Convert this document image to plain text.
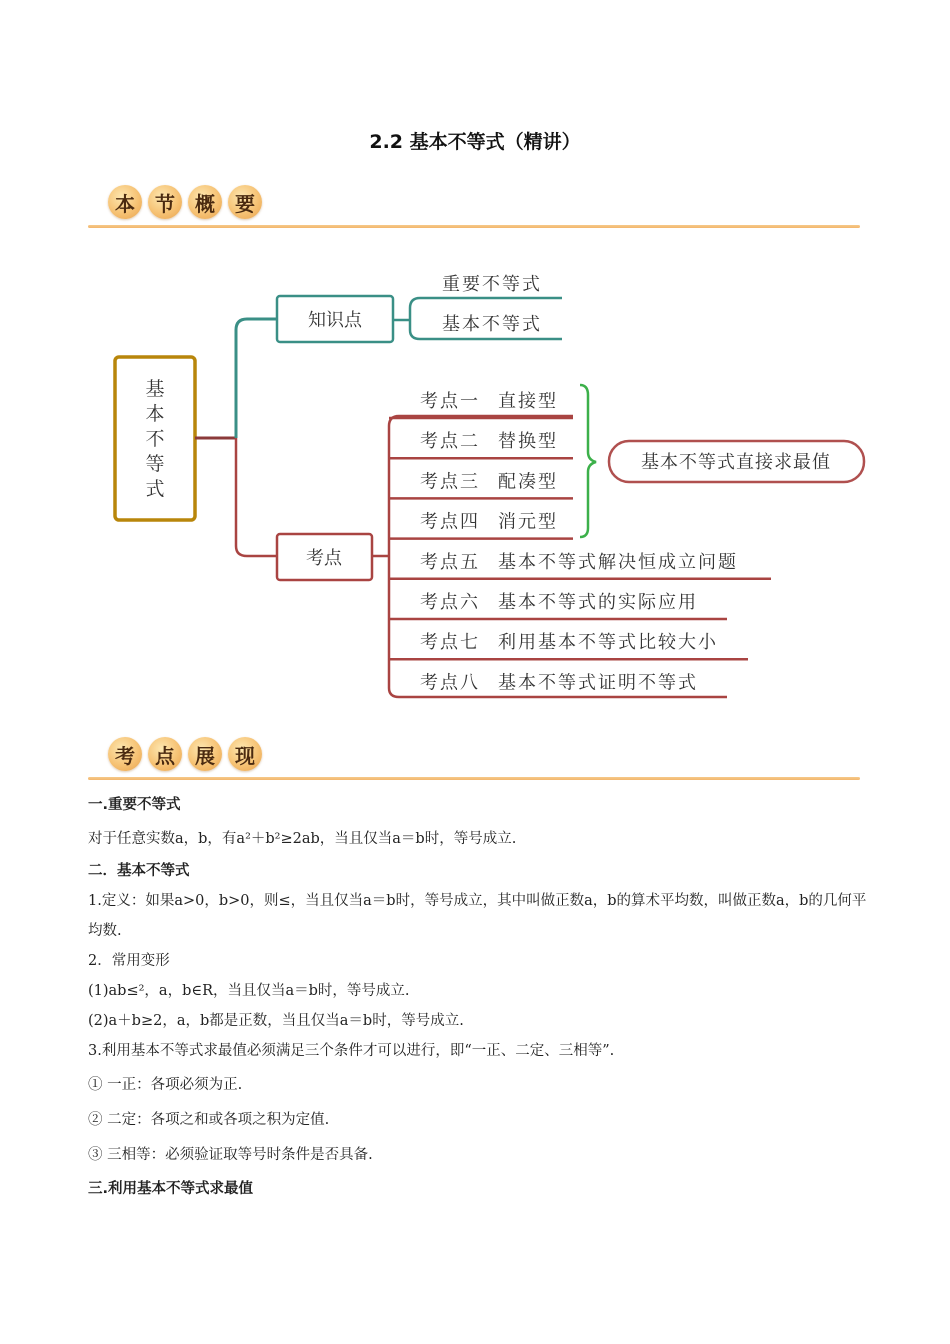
2.2 基本不等式（精讲）
本	节	概	要
基
本
不
等
式
知识点
重要不等式
基本不等式
考点
考点一 直接型
考点二 替换型
考点三 配凑型
考点四 消元型
考点五 基本不等式解决恒成立问题
考点六 基本不等式的实际应用
考点七 利用基本不等式比较大小
考点八 基本不等式证明不等式
基本不等式直接求最值
考	点	展	现

一.重要不等式

对于任意实数a，b，有a²＋b²≥2ab，当且仅当a＝b时，等号成立.

二．基本不等式

1.定义：如果a>0，b>0，则≤，当且仅当a＝b时，等号成立，其中叫做正数a，b的算术平均数，叫做正数a，b的几何平均数.

2．常用变形

(1)ab≤²，a，b∈R，当且仅当a＝b时，等号成立.

(2)a＋b≥2，a，b都是正数，当且仅当a＝b时，等号成立.

3.利用基本不等式求最值必须满足三个条件才可以进行，即“一正、二定、三相等”.

① 一正：各项必须为正.

② 二定：各项之和或各项之积为定值.

③ 三相等：必须验证取等号时条件是否具备.

三.利用基本不等式求最值
